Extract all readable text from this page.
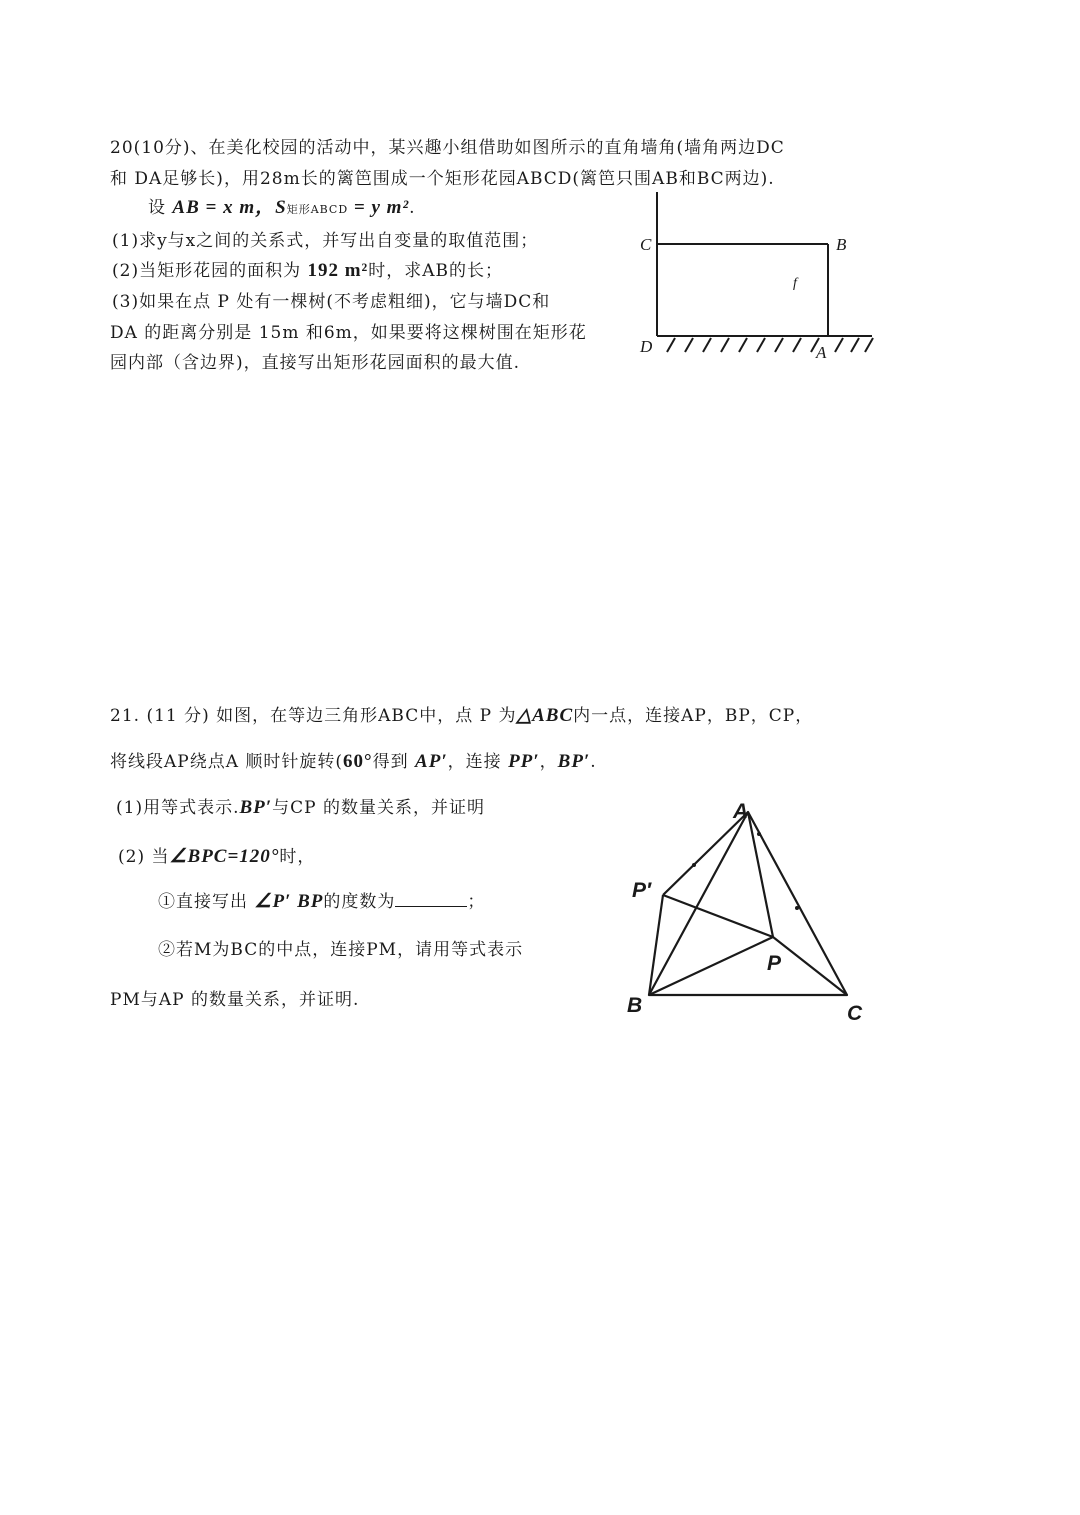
20(10分)、在美化校园的活动中，某兴趣小组借助如图所示的直角墙角(墙角两边DC
和 DA足够长)，用28m长的篱笆围成一个矩形花园ABCD(篱笆只围AB和BC两边).
设 AB = x m，S矩形ABCD = y m².
(1)求y与x之间的关系式，并写出自变量的取值范围；
(2)当矩形花园的面积为 192 m²时，求AB的长；
(3)如果在点 P 处有一棵树(不考虑粗细)，它与墙DC和
DA 的距离分别是 15m 和6m，如果要将这棵树围在矩形花
园内部（含边界)，直接写出矩形花园面积的最大值.
C	B
D	A
f
21. (11 分) 如图，在等边三角形ABC中，点 P 为△ABC内一点，连接AP，BP，CP，
将线段AP绕点A 顺时针旋转(60°得到 AP′，连接 PP′，BP′.
(1)用等式表示.BP′与CP 的数量关系，并证明
(2) 当∠BPC=120°时，
①直接写出 ∠P′ BP的度数为	；
②若M为BC的中点，连接PM，请用等式表示
PM与AP 的数量关系，并证明.
A
P′
P
B	C
